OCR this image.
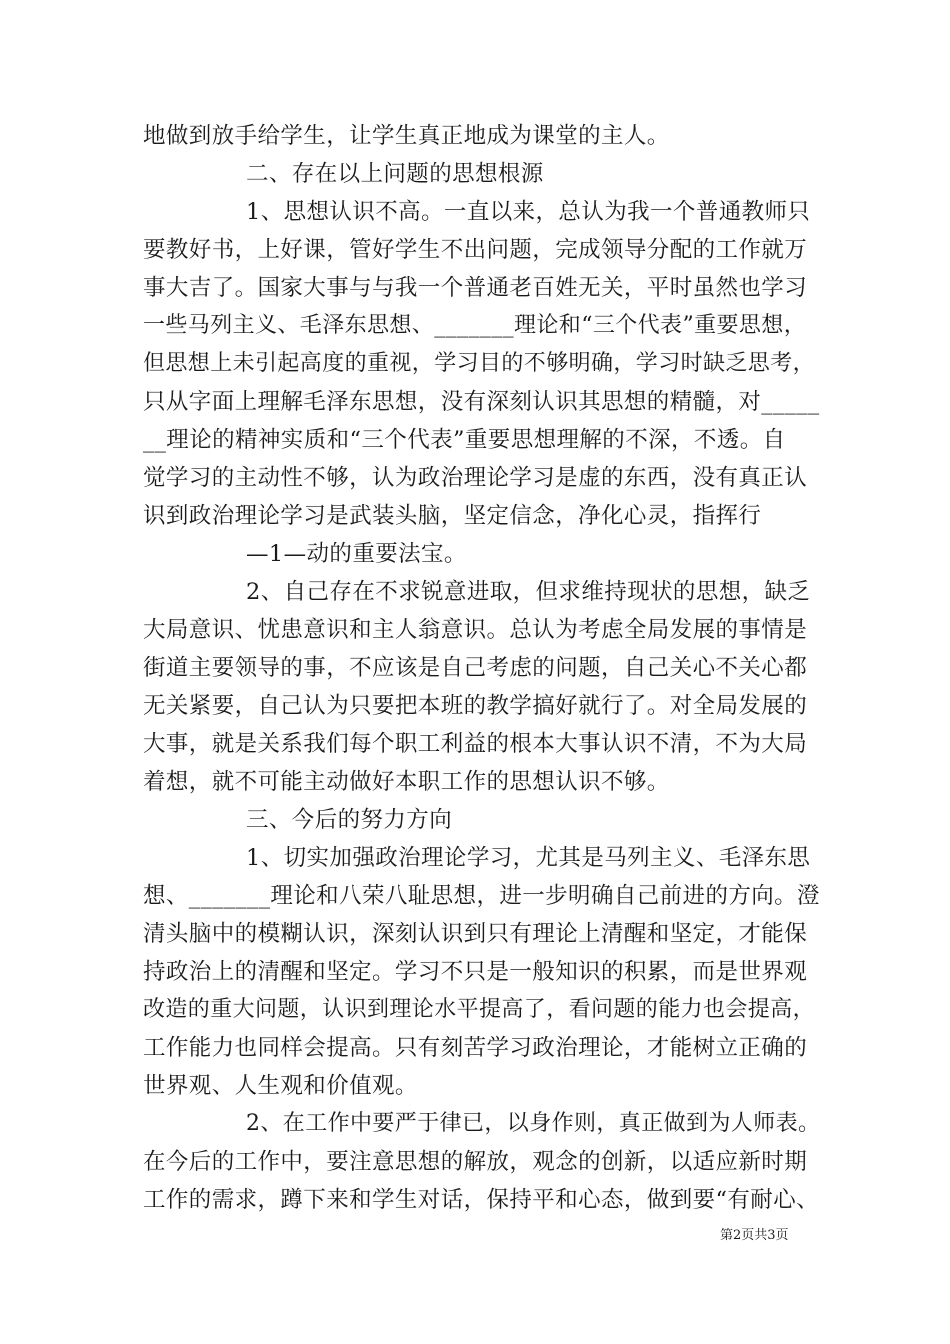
地做到放手给学生，让学生真正地成为课堂的主人。

二、存在以上问题的思想根源

1、思想认识不高。一直以来，总认为我一个普通教师只

要教好书，上好课，管好学生不出问题，完成领导分配的工作就万

事大吉了。国家大事与与我一个普通老百姓无关，平时虽然也学习

一些马列主义、毛泽东思想、_______理论和“三个代表”重要思想，

但思想上未引起高度的重视，学习目的不够明确，学习时缺乏思考，

只从字面上理解毛泽东思想，没有深刻认识其思想的精髓，对_____

__理论的精神实质和“三个代表”重要思想理解的不深，不透。自

觉学习的主动性不够，认为政治理论学习是虚的东西，没有真正认

识到政治理论学习是武装头脑，坚定信念，净化心灵，指挥行

—1—动的重要法宝。

2、自己存在不求锐意进取，但求维持现状的思想，缺乏

大局意识、忧患意识和主人翁意识。总认为考虑全局发展的事情是

街道主要领导的事，不应该是自己考虑的问题，自己关心不关心都

无关紧要，自己认为只要把本班的教学搞好就行了。对全局发展的

大事，就是关系我们每个职工利益的根本大事认识不清，不为大局

着想，就不可能主动做好本职工作的思想认识不够。

三、今后的努力方向

1、切实加强政治理论学习，尤其是马列主义、毛泽东思

想、_______理论和八荣八耻思想，进一步明确自己前进的方向。澄

清头脑中的模糊认识，深刻认识到只有理论上清醒和坚定，才能保

持政治上的清醒和坚定。学习不只是一般知识的积累，而是世界观

改造的重大问题，认识到理论水平提高了，看问题的能力也会提高，

工作能力也同样会提高。只有刻苦学习政治理论，才能树立正确的

世界观、人生观和价值观。

2、在工作中要严于律已，以身作则，真正做到为人师表。

在今后的工作中，要注意思想的解放，观念的创新，以适应新时期

工作的需求，蹲下来和学生对话，保持平和心态，做到要“有耐心、

第2页共3页
